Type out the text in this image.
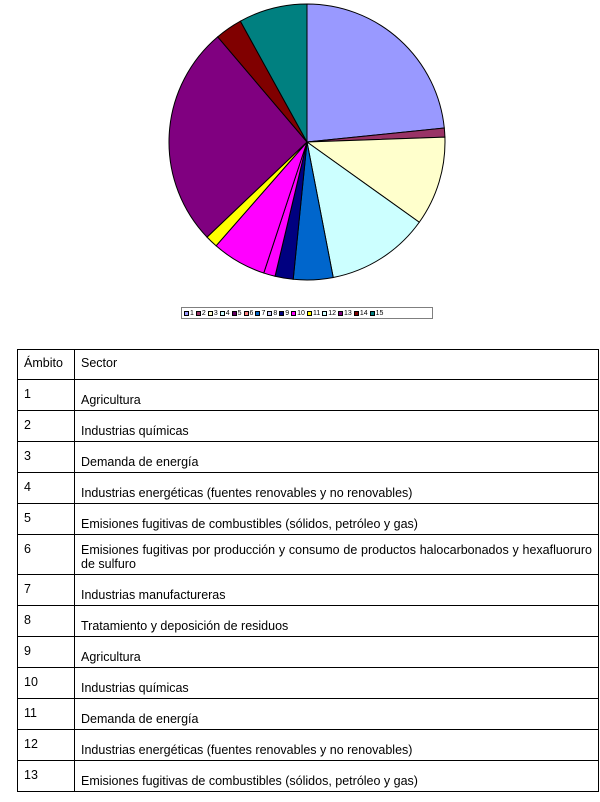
1 2 3 4 5 6 7 8 9 10 11 12 13 14 15
Ámbito	Sector
1	Agricultura
2	Industrias químicas
3	Demanda de energía
4	Industrias energéticas (fuentes renovables y no renovables)
5	Emisiones fugitivas de combustibles (sólidos, petróleo y gas)
6	Emisiones fugitivas por producción y consumo de productos halocarbonados y hexafluoruro de sulfuro
7	Industrias manufactureras
8	Tratamiento y deposición de residuos
9	Agricultura
10	Industrias químicas
11	Demanda de energía
12	Industrias energéticas (fuentes renovables y no renovables)
13	Emisiones fugitivas de combustibles (sólidos, petróleo y gas)
